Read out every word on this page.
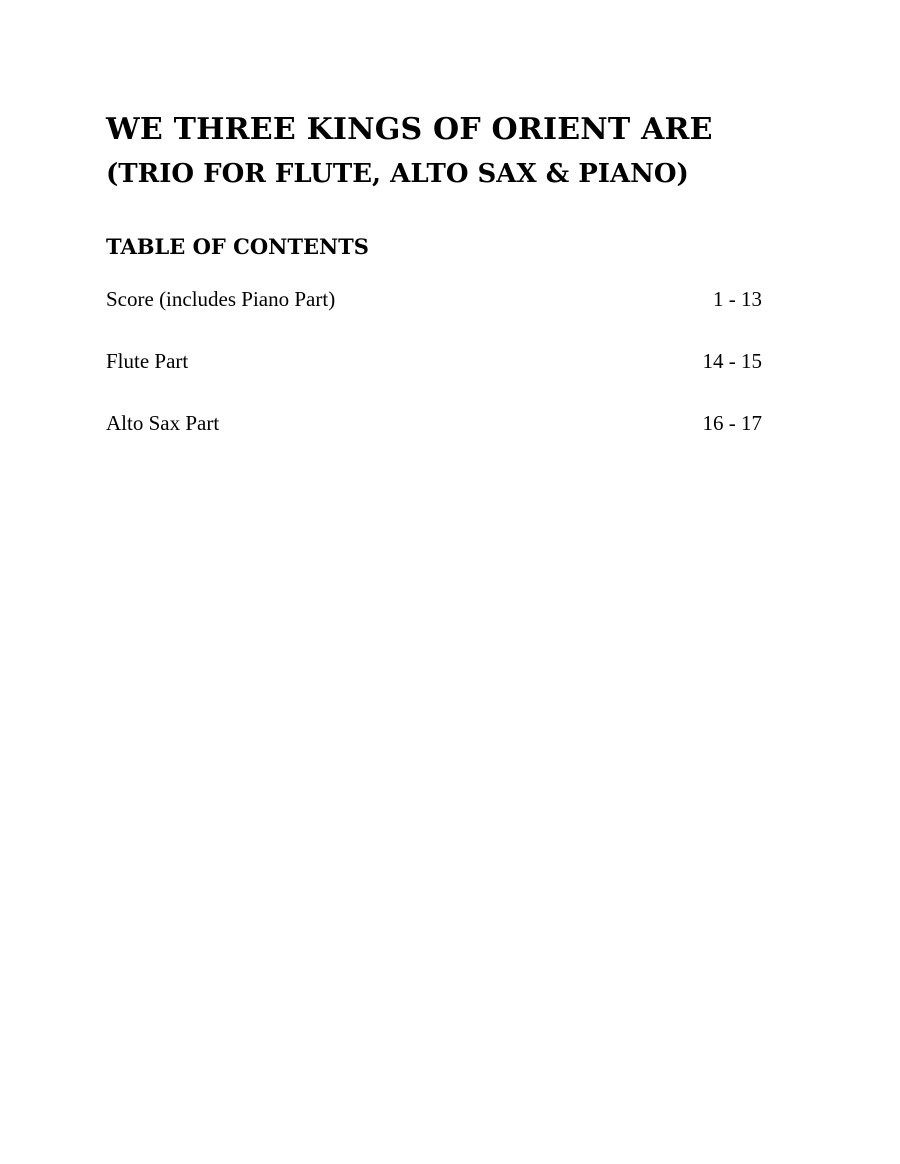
WE THREE KINGS OF ORIENT ARE
(TRIO FOR FLUTE, ALTO SAX & PIANO)
TABLE OF CONTENTS
Score (includes Piano Part)	1 - 13
Flute Part	14 - 15
Alto Sax Part	16 - 17
